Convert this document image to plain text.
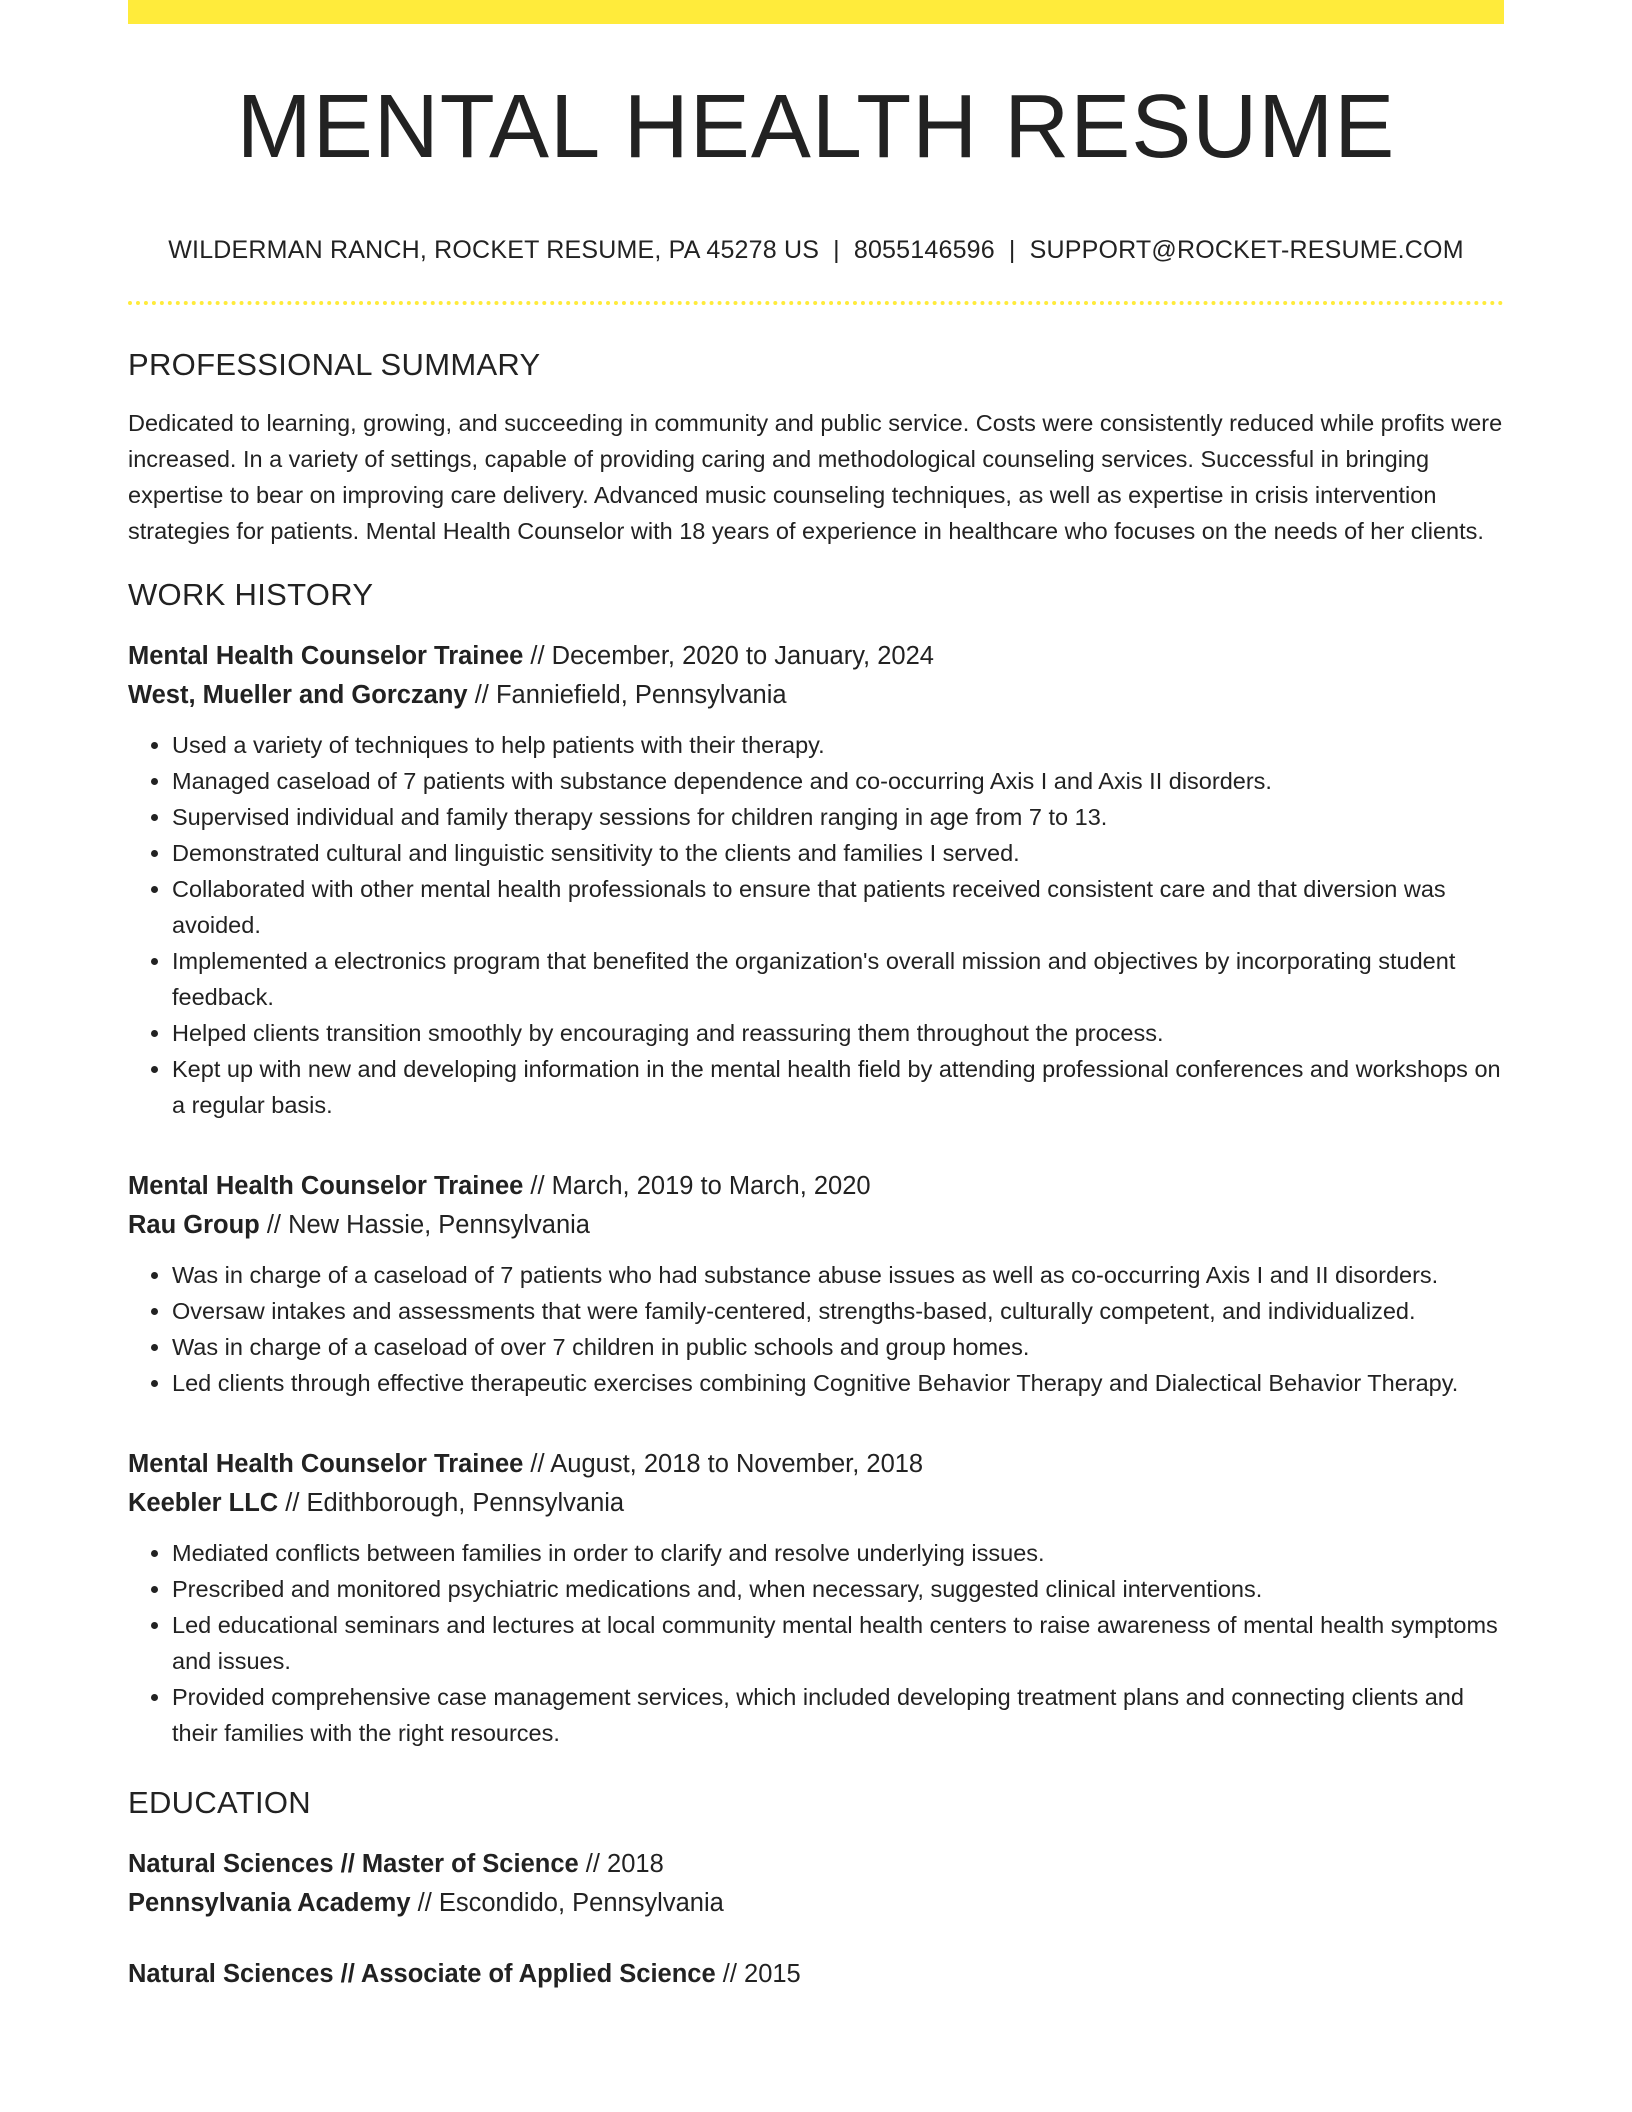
MENTAL HEALTH RESUME
WILDERMAN RANCH, ROCKET RESUME, PA 45278 US | 8055146596 | SUPPORT@ROCKET-RESUME.COM
PROFESSIONAL SUMMARY
Dedicated to learning, growing, and succeeding in community and public service. Costs were consistently reduced while profits were increased. In a variety of settings, capable of providing caring and methodological counseling services. Successful in bringing expertise to bear on improving care delivery. Advanced music counseling techniques, as well as expertise in crisis intervention strategies for patients. Mental Health Counselor with 18 years of experience in healthcare who focuses on the needs of her clients.
WORK HISTORY
Mental Health Counselor Trainee // December, 2020 to January, 2024
West, Mueller and Gorczany // Fanniefield, Pennsylvania
• Used a variety of techniques to help patients with their therapy.
• Managed caseload of 7 patients with substance dependence and co-occurring Axis I and Axis II disorders.
• Supervised individual and family therapy sessions for children ranging in age from 7 to 13.
• Demonstrated cultural and linguistic sensitivity to the clients and families I served.
• Collaborated with other mental health professionals to ensure that patients received consistent care and that diversion was avoided.
• Implemented a electronics program that benefited the organization's overall mission and objectives by incorporating student feedback.
• Helped clients transition smoothly by encouraging and reassuring them throughout the process.
• Kept up with new and developing information in the mental health field by attending professional conferences and workshops on a regular basis.
Mental Health Counselor Trainee // March, 2019 to March, 2020
Rau Group // New Hassie, Pennsylvania
• Was in charge of a caseload of 7 patients who had substance abuse issues as well as co-occurring Axis I and II disorders.
• Oversaw intakes and assessments that were family-centered, strengths-based, culturally competent, and individualized.
• Was in charge of a caseload of over 7 children in public schools and group homes.
• Led clients through effective therapeutic exercises combining Cognitive Behavior Therapy and Dialectical Behavior Therapy.
Mental Health Counselor Trainee // August, 2018 to November, 2018
Keebler LLC // Edithborough, Pennsylvania
• Mediated conflicts between families in order to clarify and resolve underlying issues.
• Prescribed and monitored psychiatric medications and, when necessary, suggested clinical interventions.
• Led educational seminars and lectures at local community mental health centers to raise awareness of mental health symptoms and issues.
• Provided comprehensive case management services, which included developing treatment plans and connecting clients and their families with the right resources.
EDUCATION
Natural Sciences // Master of Science // 2018
Pennsylvania Academy // Escondido, Pennsylvania
Natural Sciences // Associate of Applied Science // 2015
